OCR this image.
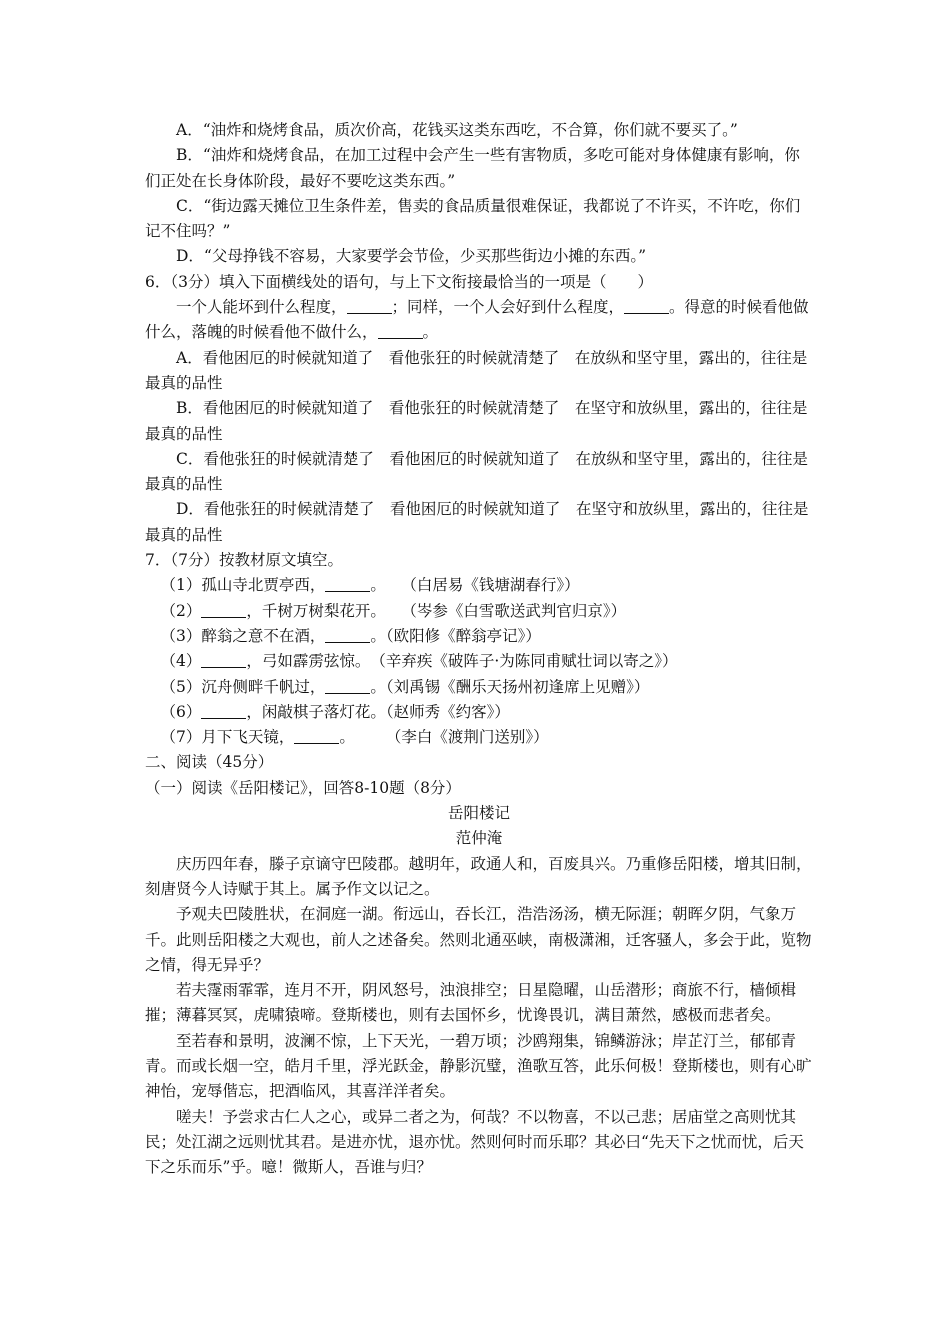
A．“油炸和烧烤食品，质次价高，花钱买这类东西吃，不合算，你们就不要买了。”

B．“油炸和烧烤食品，在加工过程中会产生一些有害物质，多吃可能对身体健康有影响，你们正处在长身体阶段，最好不要吃这类东西。”

C．“街边露天摊位卫生条件差，售卖的食品质量很难保证，我都说了不许买，不许吃，你们记不住吗？”

D．“父母挣钱不容易，大家要学会节俭，少买那些街边小摊的东西。”

6．（3分）填入下面横线处的语句，与上下文衔接最恰当的一项是（　　）

一个人能坏到什么程度，	；同样，一个人会好到什么程度，	。得意的时候看他做什么，落魄的时候看他不做什么，	。

A．看他困厄的时候就知道了　看他张狂的时候就清楚了　在放纵和坚守里，露出的，往往是最真的品性

B．看他困厄的时候就知道了　看他张狂的时候就清楚了　在坚守和放纵里，露出的，往往是最真的品性

C．看他张狂的时候就清楚了　看他困厄的时候就知道了　在放纵和坚守里，露出的，往往是最真的品性

D．看他张狂的时候就清楚了　看他困厄的时候就知道了　在坚守和放纵里，露出的，往往是最真的品性

7．（7分）按教材原文填空。

（1）孤山寺北贾亭西，	。　　（白居易《钱塘湖春行》）

（2）	，千树万树梨花开。　　（岑参《白雪歌送武判官归京》）

（3）醉翁之意不在酒，	。（欧阳修《醉翁亭记》）

（4）	，弓如霹雳弦惊。　（辛弃疾《破阵子·为陈同甫赋壮词以寄之》）

（5）沉舟侧畔千帆过，	。（刘禹锡《酬乐天扬州初逢席上见赠》）

（6）	，闲敲棋子落灯花。（赵师秀《约客》）

（7）月下飞天镜，	。　　　（李白《渡荆门送别》）

二、阅读（45分）

（一）阅读《岳阳楼记》，回答8-10题（8分）

岳阳楼记

范仲淹

庆历四年春，滕子京谪守巴陵郡。越明年，政通人和，百废具兴。乃重修岳阳楼，增其旧制，刻唐贤今人诗赋于其上。属予作文以记之。

予观夫巴陵胜状，在洞庭一湖。衔远山，吞长江，浩浩汤汤，横无际涯；朝晖夕阴，气象万千。此则岳阳楼之大观也，前人之述备矣。然则北通巫峡，南极潇湘，迁客骚人，多会于此，览物之情，得无异乎？

若夫霪雨霏霏，连月不开，阴风怒号，浊浪排空；日星隐曜，山岳潜形；商旅不行，樯倾楫摧；薄暮冥冥，虎啸猿啼。登斯楼也，则有去国怀乡，忧谗畏讥，满目萧然，感极而悲者矣。

至若春和景明，波澜不惊，上下天光，一碧万顷；沙鸥翔集，锦鳞游泳；岸芷汀兰，郁郁青青。而或长烟一空，皓月千里，浮光跃金，静影沉璧，渔歌互答，此乐何极！登斯楼也，则有心旷神怡，宠辱偕忘，把酒临风，其喜洋洋者矣。

嗟夫！予尝求古仁人之心，或异二者之为，何哉？不以物喜，不以己悲；居庙堂之高则忧其民；处江湖之远则忧其君。是进亦忧，退亦忧。然则何时而乐耶？其必曰“先天下之忧而忧，后天下之乐而乐”乎。噫！微斯人，吾谁与归？
